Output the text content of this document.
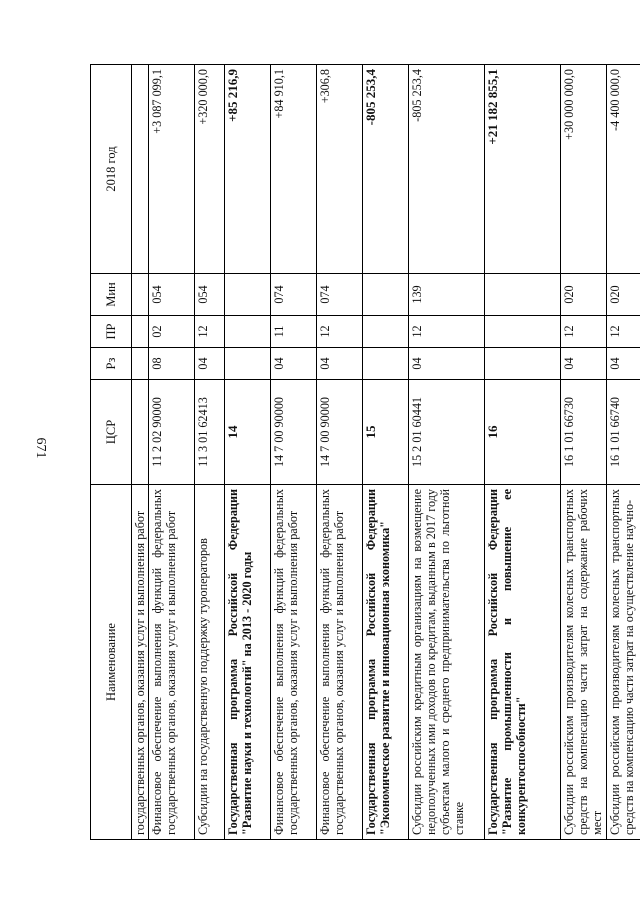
671
Наименование	ЦСР	Рз	ПР	Мин	2018 год

государственных органов, оказания услуг и выполнения работ					

Финансовое обеспечение выполнения функций федеральных государственных органов, оказания услуг и выполнения работ	11 2 02 90000	08	02	054	+3 087 099,1

Субсидии на государственную поддержку туроператоров	11 3 01 62413	04	12	054	+320 000,0

Государственная программа Российской Федерации "Развитие науки и технологий" на 2013 - 2020 годы	14				+85 216,9

Финансовое обеспечение выполнения функций федеральных государственных органов, оказания услуг и выполнения работ	14 7 00 90000	04	11	074	+84 910,1

Финансовое обеспечение выполнения функций федеральных государственных органов, оказания услуг и выполнения работ	14 7 00 90000	04	12	074	+306,8

Государственная программа Российской Федерации "Экономическое развитие и инновационная экономика"	15				-805 253,4

Субсидии российским кредитным организациям на возмещение недополученных ими доходов по кредитам, выданным в 2017 году субъектам малого и среднего предпринимательства по льготной ставке	15 2 01 60441	04	12	139	-805 253,4

Государственная программа Российской Федерации "Развитие промышленности и повышение ее конкурентоспособности"	16				+21 182 855,1

Субсидии российским производителям колесных транспортных средств на компенсацию части затрат на содержание рабочих мест	16 1 01 66730	04	12	020	+30 000 000,0

Субсидии российским производителям колесных транспортных средств на компенсацию части затрат на осуществление научно-	16 1 01 66740	04	12	020	-4 400 000,0
